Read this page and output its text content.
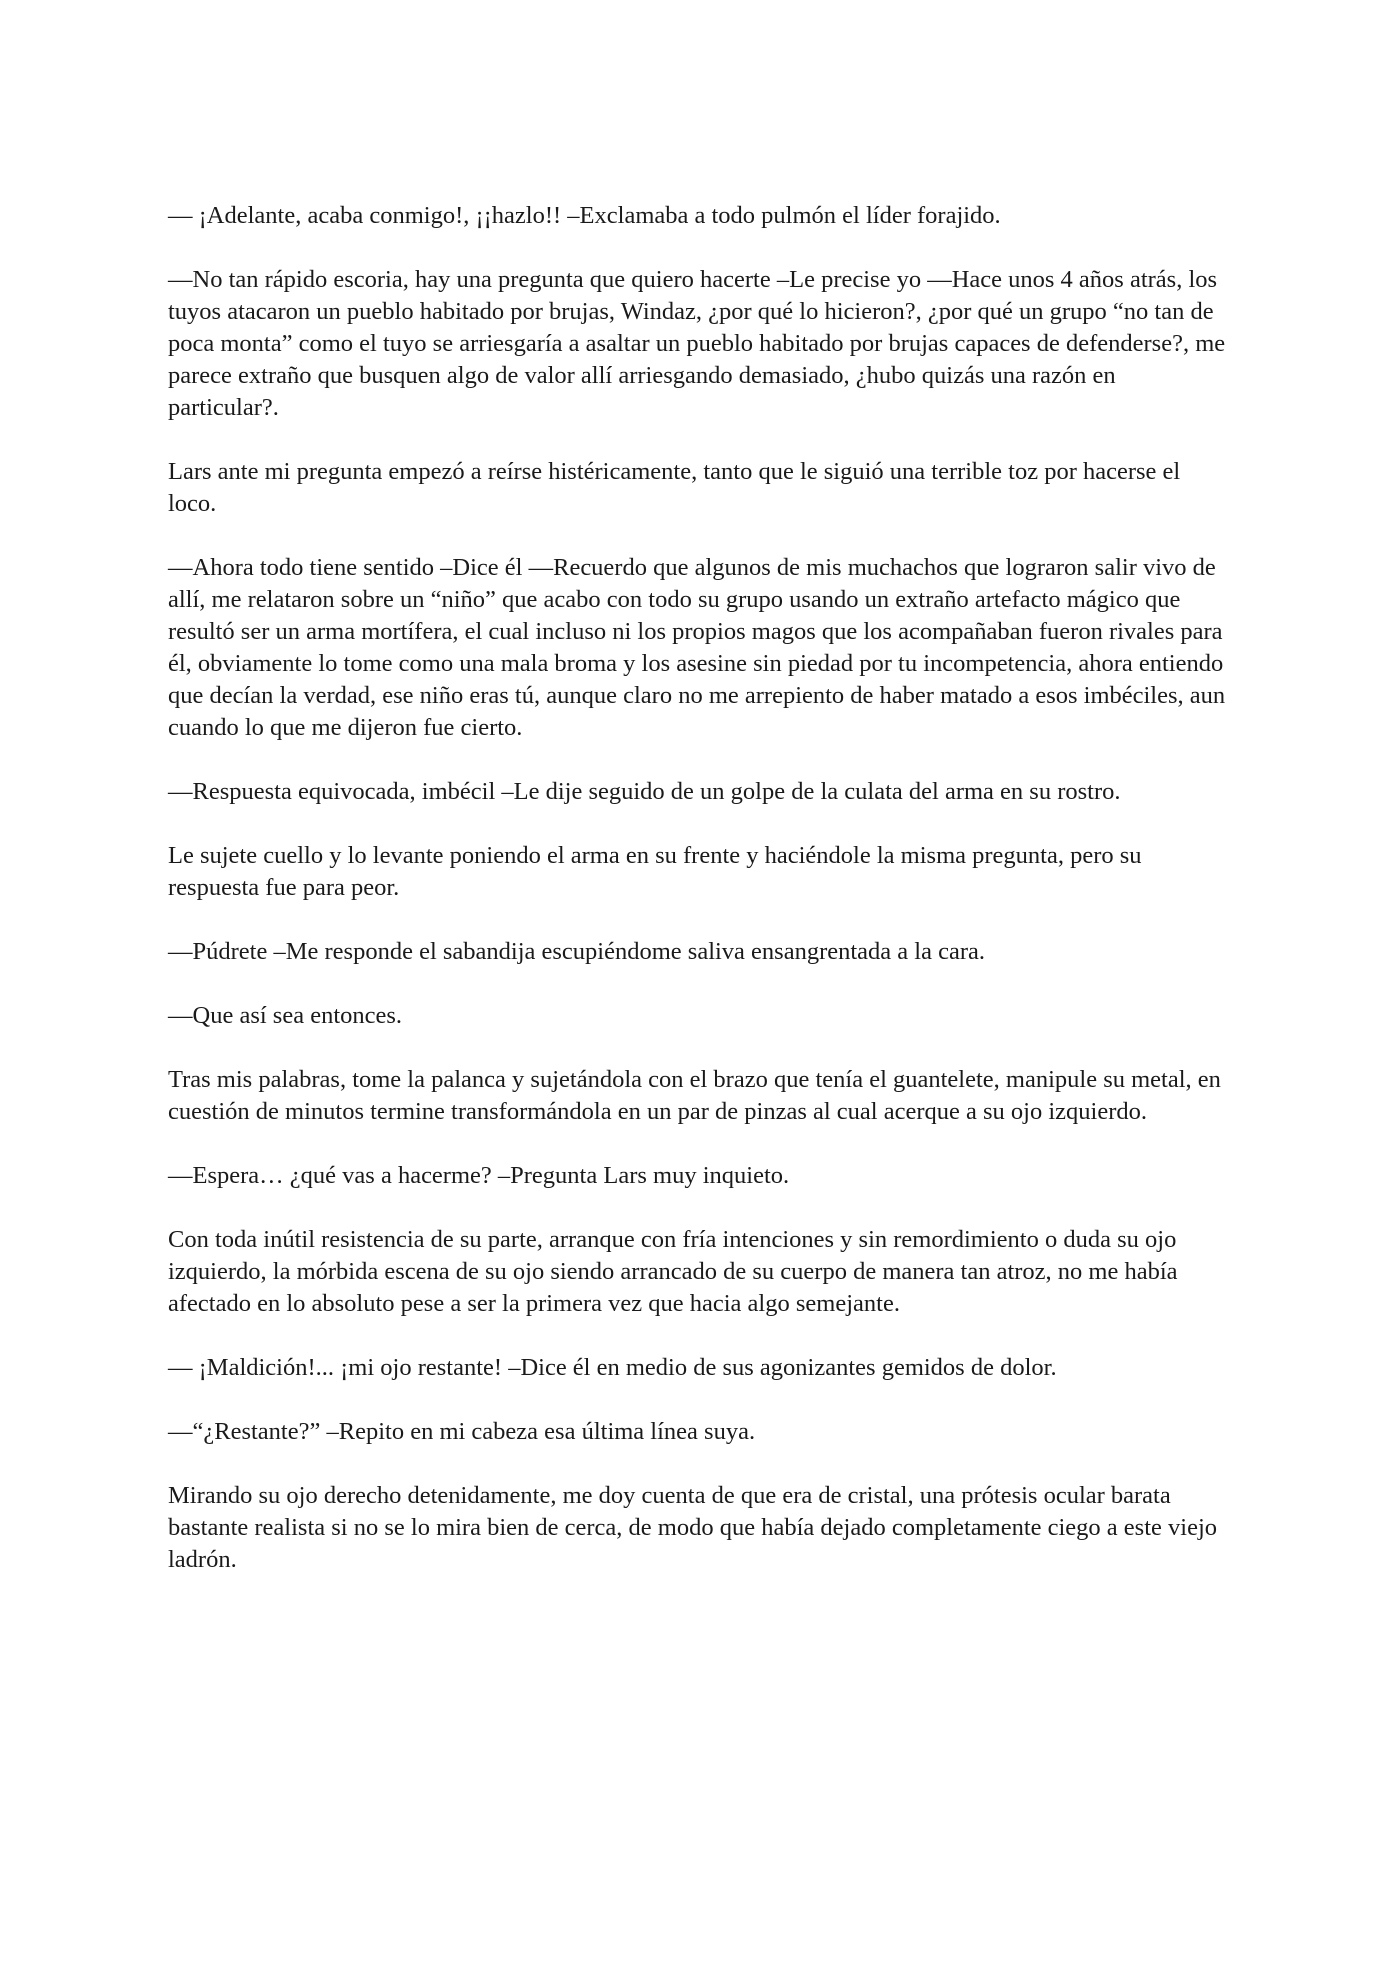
— ¡Adelante, acaba conmigo!, ¡¡hazlo!! –Exclamaba a todo pulmón el líder forajido.

—No tan rápido escoria, hay una pregunta que quiero hacerte –Le precise yo —Hace unos 4 años atrás, los tuyos atacaron un pueblo habitado por brujas, Windaz, ¿por qué lo hicieron?, ¿por qué un grupo “no tan de poca monta” como el tuyo se arriesgaría a asaltar un pueblo habitado por brujas capaces de defenderse?, me parece extraño que busquen algo de valor allí arriesgando demasiado, ¿hubo quizás una razón en particular?.

Lars ante mi pregunta empezó a reírse histéricamente, tanto que le siguió una terrible toz por hacerse el loco.

—Ahora todo tiene sentido –Dice él —Recuerdo que algunos de mis muchachos que lograron salir vivo de allí, me relataron sobre un “niño” que acabo con todo su grupo usando un extraño artefacto mágico que resultó ser un arma mortífera, el cual incluso ni los propios magos que los acompañaban fueron rivales para él, obviamente lo tome como una mala broma y los asesine sin piedad por tu incompetencia, ahora entiendo que decían la verdad, ese niño eras tú, aunque claro no me arrepiento de haber matado a esos imbéciles, aun cuando lo que me dijeron fue cierto.

—Respuesta equivocada, imbécil –Le dije seguido de un golpe de la culata del arma en su rostro.

Le sujete cuello y lo levante poniendo el arma en su frente y haciéndole la misma pregunta, pero su respuesta fue para peor.

—Púdrete –Me responde el sabandija escupiéndome saliva ensangrentada a la cara.

—Que así sea entonces.

Tras mis palabras, tome la palanca y sujetándola con el brazo que tenía el guantelete, manipule su metal, en cuestión de minutos termine transformándola en un par de pinzas al cual acerque a su ojo izquierdo.

—Espera… ¿qué vas a hacerme? –Pregunta Lars muy inquieto.

Con toda inútil resistencia de su parte, arranque con fría intenciones y sin remordimiento o duda su ojo izquierdo, la mórbida escena de su ojo siendo arrancado de su cuerpo de manera tan atroz, no me había afectado en lo absoluto pese a ser la primera vez que hacia algo semejante.

— ¡Maldición!... ¡mi ojo restante! –Dice él en medio de sus agonizantes gemidos de dolor.

—“¿Restante?” –Repito en mi cabeza esa última línea suya.

Mirando su ojo derecho detenidamente, me doy cuenta de que era de cristal, una prótesis ocular barata bastante realista si no se lo mira bien de cerca, de modo que había dejado completamente ciego a este viejo ladrón.
